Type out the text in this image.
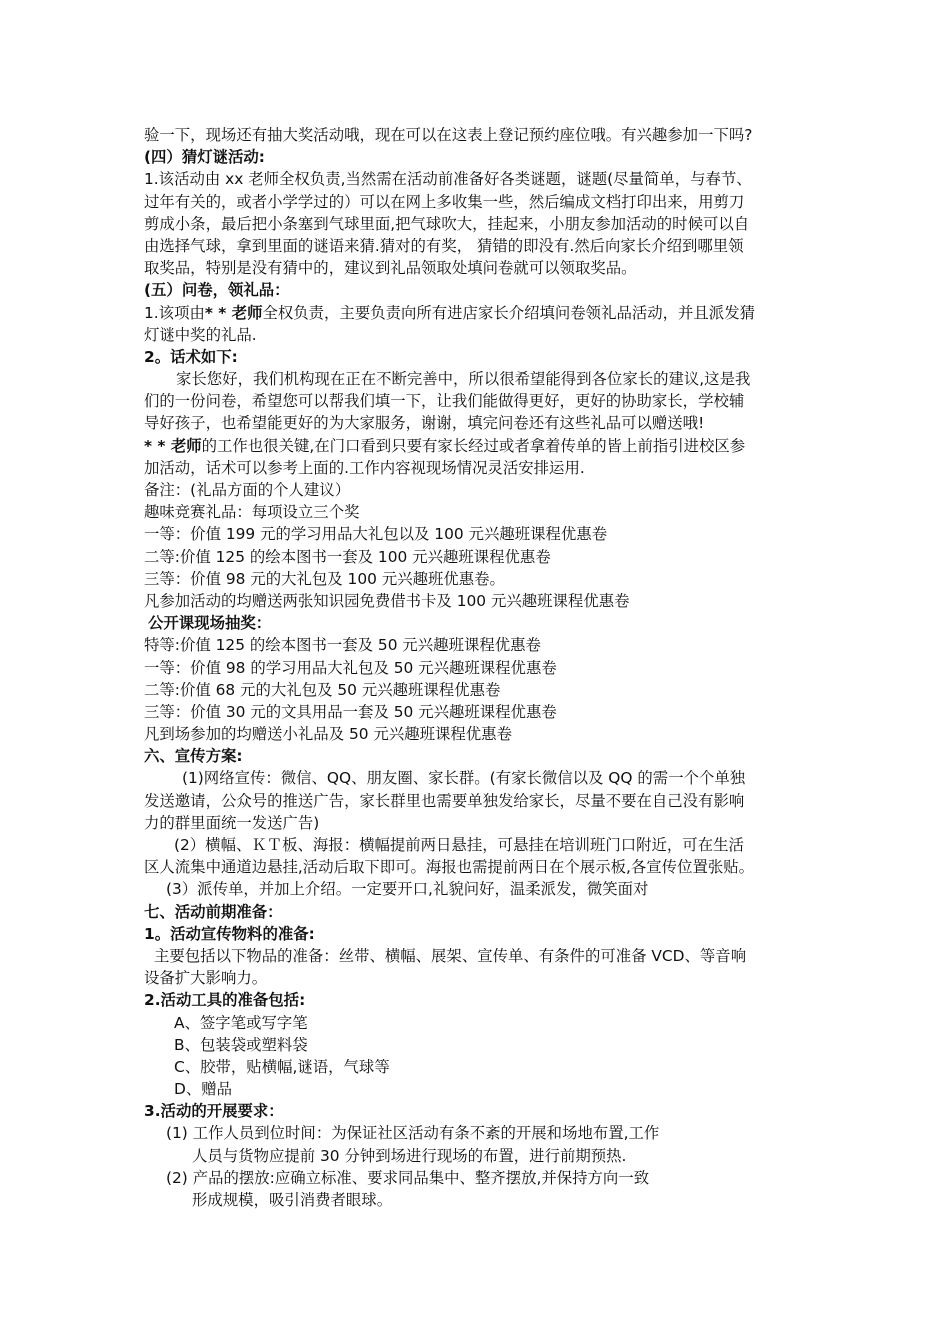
验一下，现场还有抽大奖活动哦，现在可以在这表上登记预约座位哦。有兴趣参加一下吗?
(四）猜灯谜活动:
1.该活动由 xx 老师全权负责,当然需在活动前准备好各类谜题，谜题(尽量简单，与春节、
过年有关的，或者小学学过的）可以在网上多收集一些，然后编成文档打印出来，用剪刀
剪成小条，最后把小条塞到气球里面,把气球吹大，挂起来，小朋友参加活动的时候可以自
由选择气球，拿到里面的谜语来猜.猜对的有奖， 猜错的即没有.然后向家长介绍到哪里领
取奖品，特别是没有猜中的，建议到礼品领取处填问卷就可以领取奖品。
(五）问卷，领礼品：
1.该项由* * 老师全权负责，主要负责向所有进店家长介绍填问卷领礼品活动，并且派发猜
灯谜中奖的礼品.
2。话术如下:
家长您好，我们机构现在正在不断完善中，所以很希望能得到各位家长的建议,这是我
们的一份问卷，希望您可以帮我们填一下，让我们能做得更好，更好的协助家长，学校辅
导好孩子，也希望能更好的为大家服务，谢谢，填完问卷还有这些礼品可以赠送哦!
* * 老师的工作也很关键,在门口看到只要有家长经过或者拿着传单的皆上前指引进校区参
加活动，话术可以参考上面的.工作内容视现场情况灵活安排运用.
备注：(礼品方面的个人建议）
趣味竞赛礼品：每项设立三个奖
一等：价值 199 元的学习用品大礼包以及 100 元兴趣班课程优惠卷
二等:价值 125 的绘本图书一套及 100 元兴趣班课程优惠卷
三等：价值 98 元的大礼包及 100 元兴趣班优惠卷。
凡参加活动的均赠送两张知识园免费借书卡及 100 元兴趣班课程优惠卷
公开课现场抽奖：
特等:价值 125 的绘本图书一套及 50 元兴趣班课程优惠卷
一等：价值 98 的学习用品大礼包及 50 元兴趣班课程优惠卷
二等:价值 68 元的大礼包及 50 元兴趣班课程优惠卷
三等：价值 30 元的文具用品一套及 50 元兴趣班课程优惠卷
凡到场参加的均赠送小礼品及 50 元兴趣班课程优惠卷
六、宣传方案:
(1)网络宣传：微信、QQ、朋友圈、家长群。(有家长微信以及 QQ 的需一个个单独
发送邀请，公众号的推送广告，家长群里也需要单独发给家长，尽量不要在自己没有影响
力的群里面统一发送广告)
(2）横幅、ＫＴ板、海报：横幅提前两日悬挂，可悬挂在培训班门口附近，可在生活
区人流集中通道边悬挂,活动后取下即可。海报也需提前两日在个展示板,各宣传位置张贴。
(3）派传单，并加上介绍。一定要开口,礼貌问好，温柔派发，微笑面对
七、活动前期准备：
1。活动宣传物料的准备:
主要包括以下物品的准备：丝带、横幅、展架、宣传单、有条件的可准备 VCD、等音响
设备扩大影响力。
2.活动工具的准备包括:
A、签字笔或写字笔
B、包装袋或塑料袋
C、胶带，贴横幅,谜语，气球等
D、赠品
3.活动的开展要求：
(1) 工作人员到位时间：为保证社区活动有条不紊的开展和场地布置,工作
人员与货物应提前 30 分钟到场进行现场的布置，进行前期预热.
(2) 产品的摆放:应确立标准、要求同品集中、整齐摆放,并保持方向一致
形成规模，吸引消费者眼球。
